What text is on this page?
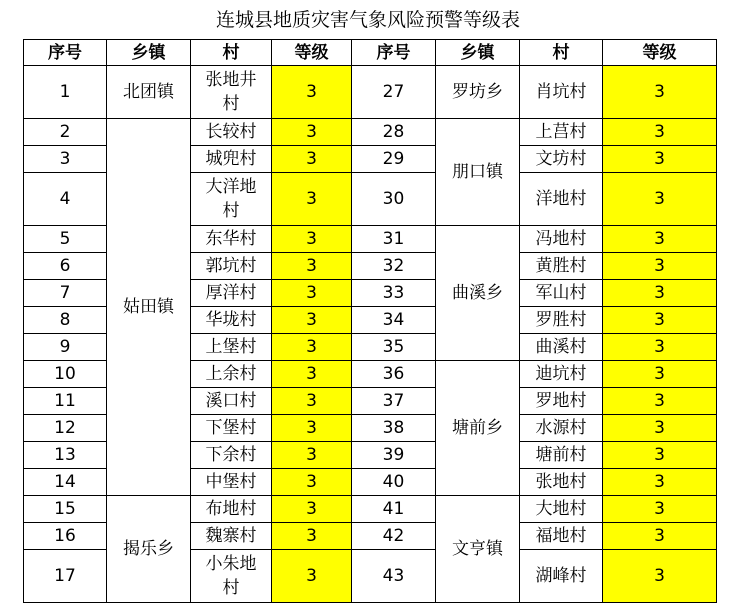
连城县地质灾害气象风险预警等级表
序号	乡镇	村	等级	序号	乡镇	村	等级
1	北团镇	张地井村	3	27	罗坊乡	肖坑村	3
2	姑田镇	长较村	3	28	朋口镇	上莒村	3
3		城兜村	3	29		文坊村	3
4		大洋地村	3	30		洋地村	3
5		东华村	3	31	曲溪乡	冯地村	3
6		郭坑村	3	32		黄胜村	3
7		厚洋村	3	33		军山村	3
8		华垅村	3	34		罗胜村	3
9		上堡村	3	35		曲溪村	3
10		上余村	3	36	塘前乡	迪坑村	3
11		溪口村	3	37		罗地村	3
12		下堡村	3	38		水源村	3
13		下余村	3	39		塘前村	3
14		中堡村	3	40		张地村	3
15	揭乐乡	布地村	3	41	文亨镇	大地村	3
16		魏寨村	3	42		福地村	3
17		小朱地村	3	43		湖峰村	3
